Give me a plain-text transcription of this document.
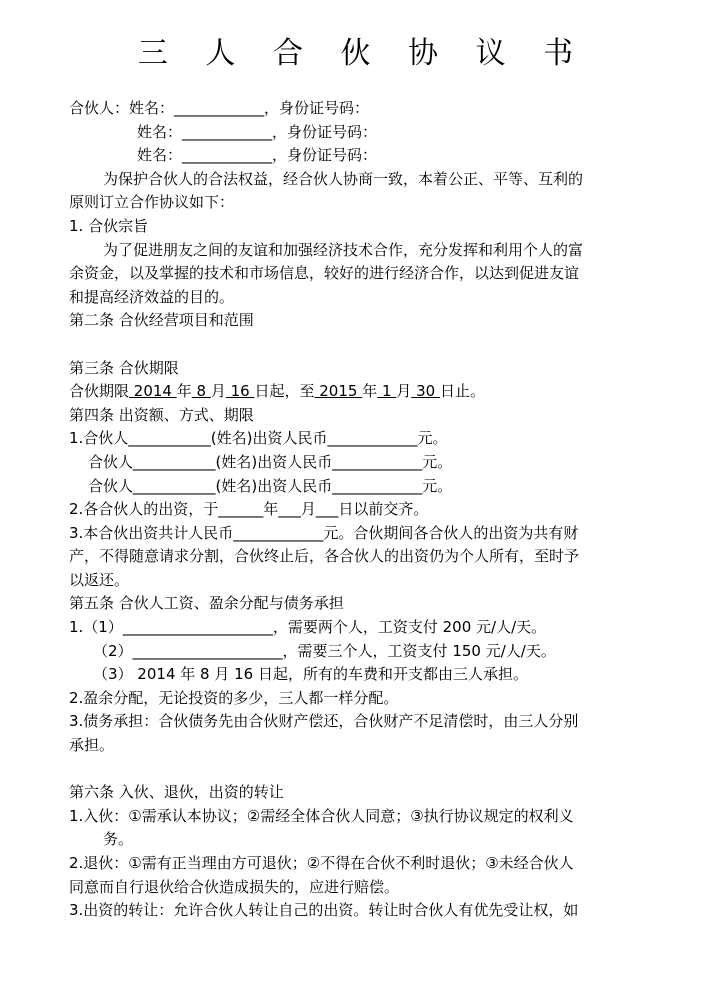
三 人 合 伙 协 议 书
合伙人：姓名：____________，身份证号码：
姓名：____________，身份证号码：
姓名：____________，身份证号码：
为保护合伙人的合法权益，经合伙人协商一致，本着公正、平等、互利的
原则订立合作协议如下：
1. 合伙宗旨
为了促进朋友之间的友谊和加强经济技术合作，充分发挥和利用个人的富
余资金，以及掌握的技术和市场信息，较好的进行经济合作，以达到促进友谊
和提高经济效益的目的。
第二条 合伙经营项目和范围
第三条 合伙期限
合伙期限 2014 年 8 月 16 日起，至 2015 年 1 月 30 日止。
第四条 出资额、方式、期限
1.合伙人___________(姓名)出资人民币____________元。
合伙人___________(姓名)出资人民币____________元。
合伙人___________(姓名)出资人民币____________元。
2.各合伙人的出资，于______年___月___日以前交齐。
3.本合伙出资共计人民币____________元。合伙期间各合伙人的出资为共有财
产，不得随意请求分割，合伙终止后，各合伙人的出资仍为个人所有，至时予
以返还。
第五条 合伙人工资、盈余分配与债务承担
1.（1）____________________，需要两个人，工资支付 200 元/人/天。
（2）____________________，需要三个人，工资支付 150 元/人/天。
（3） 2014 年 8 月 16 日起，所有的车费和开支都由三人承担。
2.盈余分配，无论投资的多少，三人都一样分配。
3.债务承担：合伙债务先由合伙财产偿还，合伙财产不足清偿时，由三人分别
承担。
第六条 入伙、退伙，出资的转让
1.入伙：①需承认本协议；②需经全体合伙人同意；③执行协议规定的权利义
务。
2.退伙：①需有正当理由方可退伙；②不得在合伙不利时退伙；③未经合伙人
同意而自行退伙给合伙造成损失的，应进行赔偿。
3.出资的转让：允许合伙人转让自己的出资。转让时合伙人有优先受让权，如
